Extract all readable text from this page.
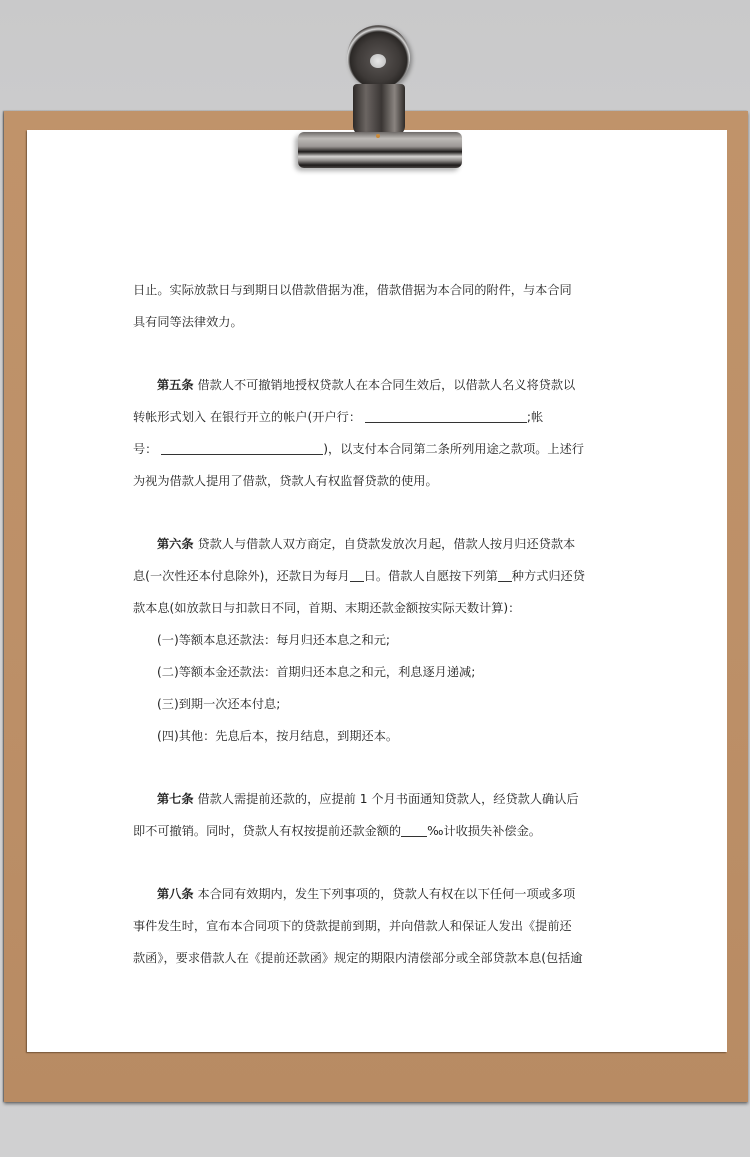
日止。实际放款日与到期日以借款借据为准，借款借据为本合同的附件，与本合同
具有同等法律效力。
第五条 借款人不可撤销地授权贷款人在本合同生效后，以借款人名义将贷款以
转帐形式划入 在银行开立的帐户(开户行：	;帐
号：	)，以支付本合同第二条所列用途之款项。上述行
为视为借款人提用了借款，贷款人有权监督贷款的使用。
第六条 贷款人与借款人双方商定，自贷款发放次月起，借款人按月归还贷款本
息(一次性还本付息除外)，还款日为每月 日。借款人自愿按下列第 种方式归还贷
款本息(如放款日与扣款日不同，首期、末期还款金额按实际天数计算)：
(一)等额本息还款法：每月归还本息之和元;
(二)等额本金还款法：首期归还本息之和元，利息逐月递减;
(三)到期一次还本付息;
(四)其他：先息后本，按月结息，到期还本。
第七条 借款人需提前还款的，应提前 1 个月书面通知贷款人，经贷款人确认后
即不可撤销。同时，贷款人有权按提前还款金额的 ‰计收损失补偿金。
第八条 本合同有效期内，发生下列事项的，贷款人有权在以下任何一项或多项
事件发生时，宣布本合同项下的贷款提前到期，并向借款人和保证人发出《提前还
款函》，要求借款人在《提前还款函》规定的期限内清偿部分或全部贷款本息(包括逾
